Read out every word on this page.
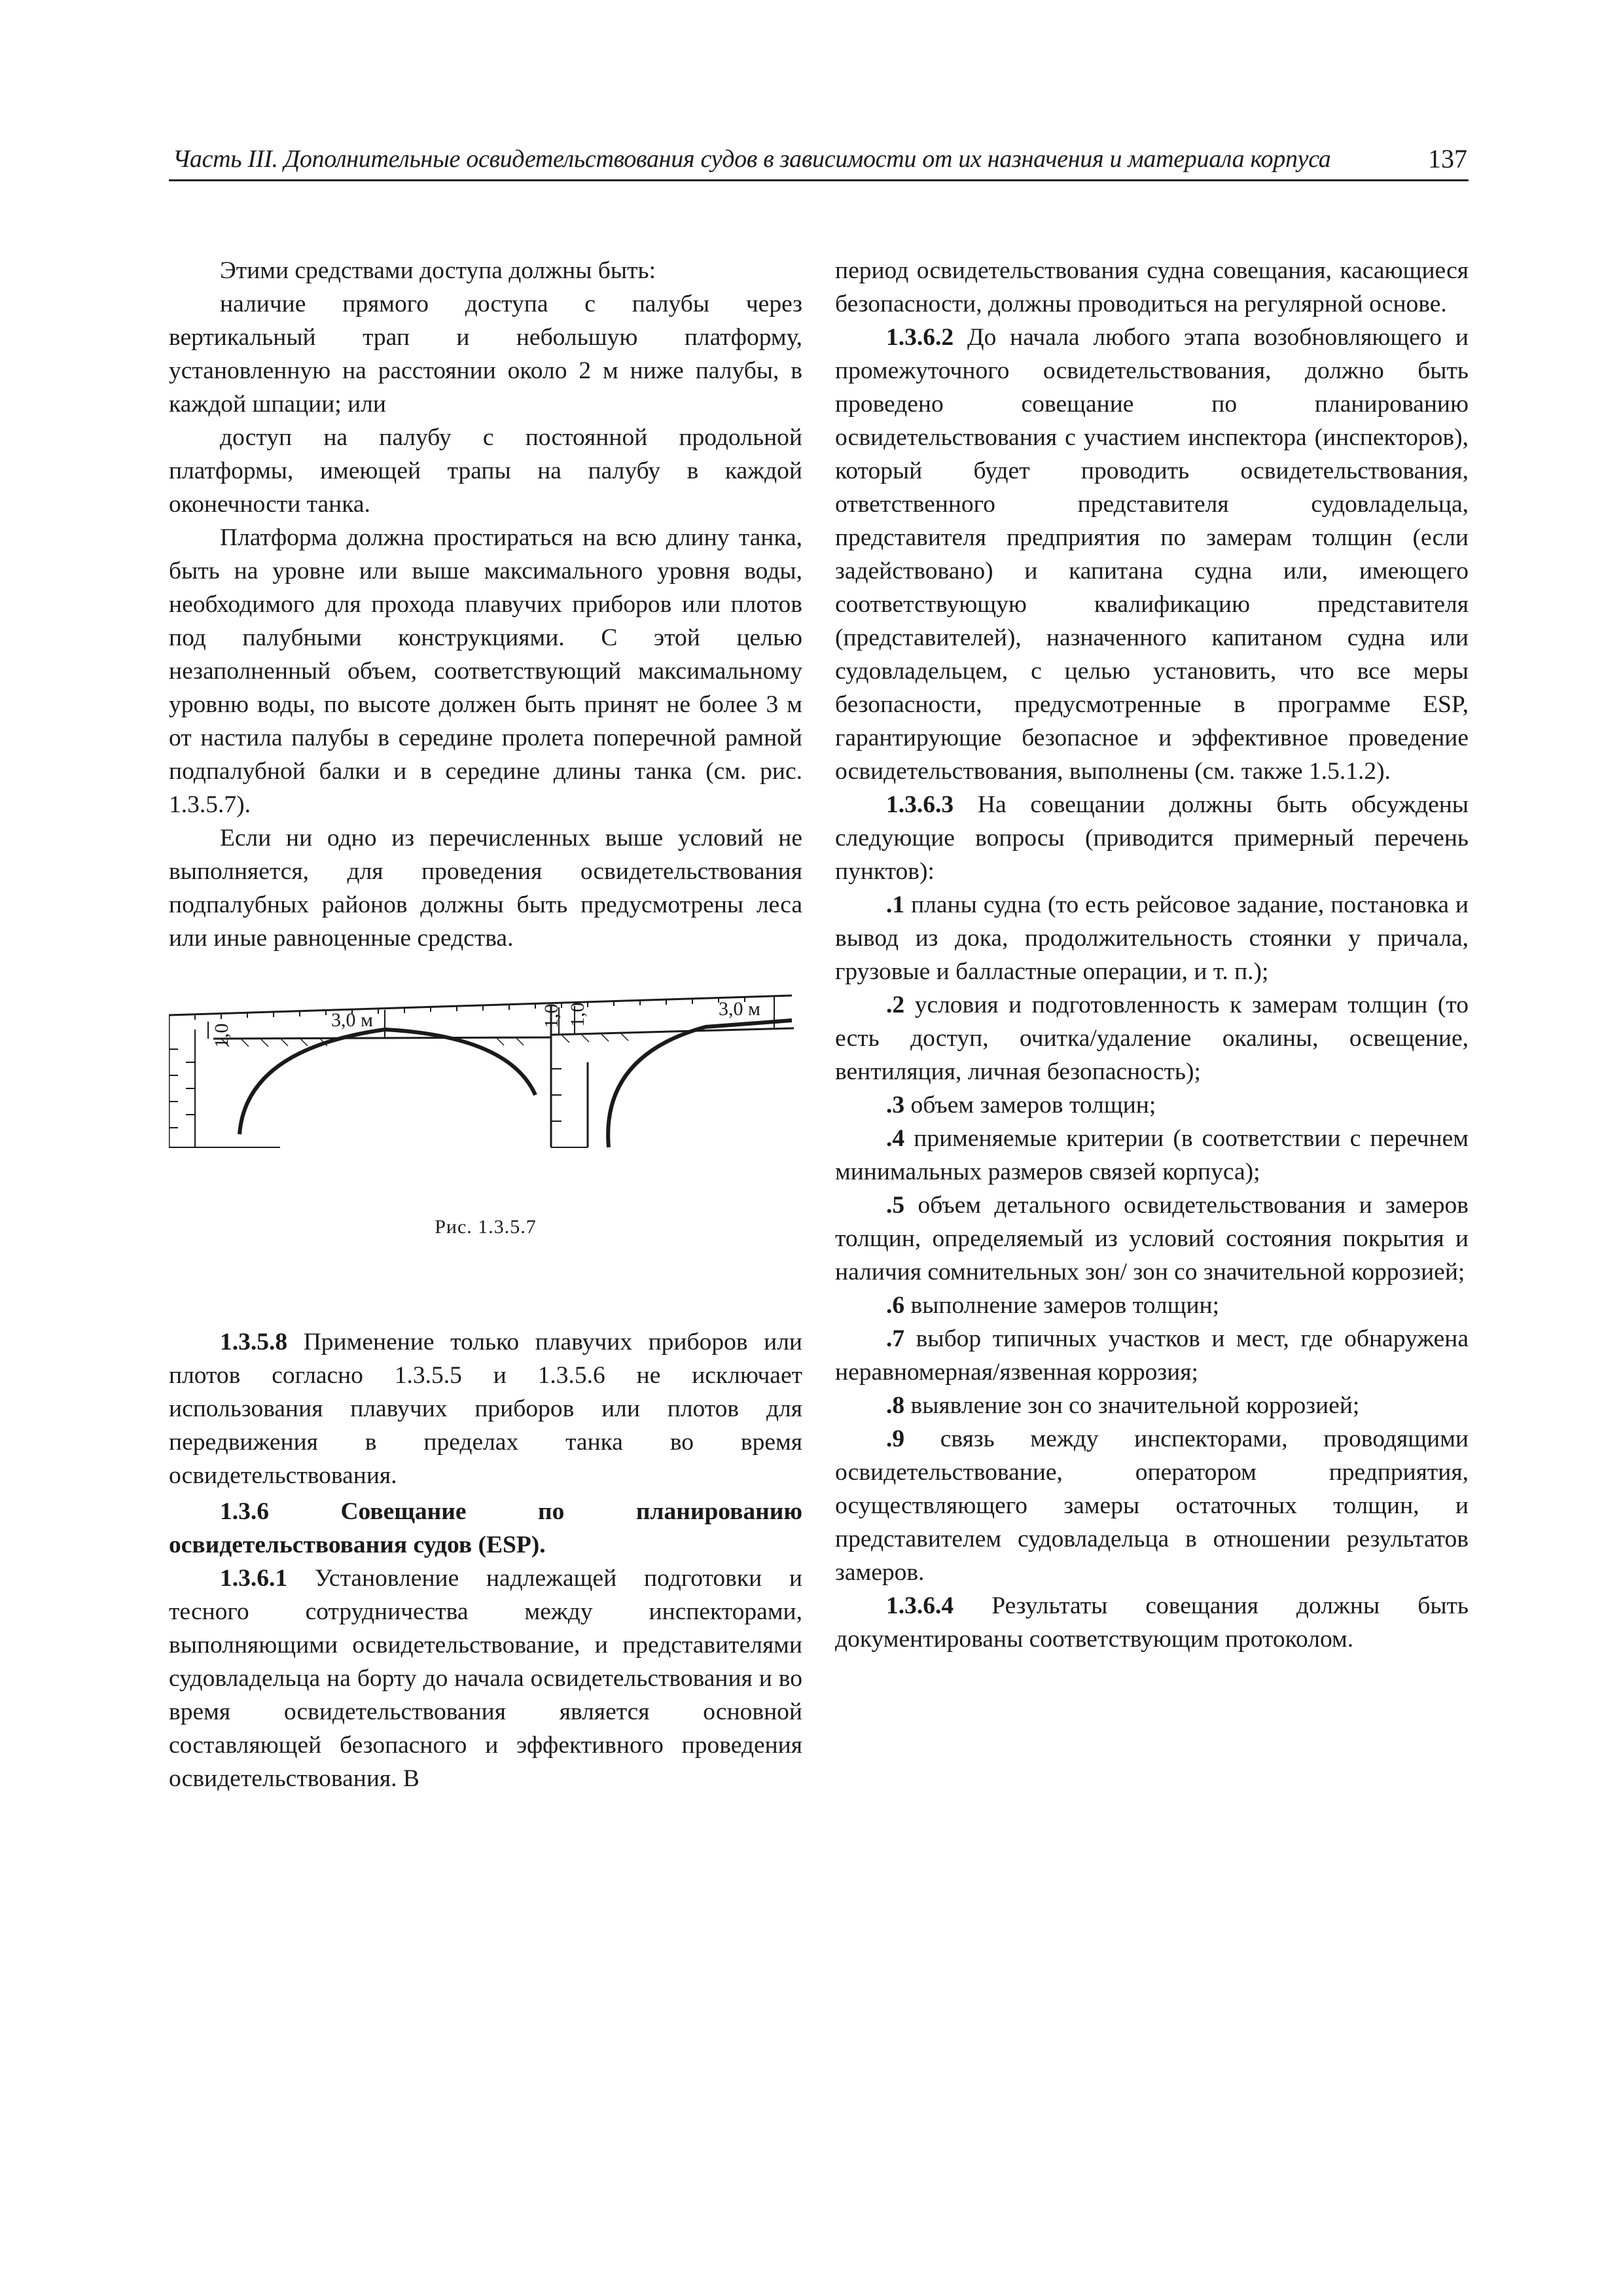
Часть III. Дополнительные освидетельствования судов в зависимости от их назначения и материала корпуса	137

Этими средствами доступа должны быть:

наличие прямого доступа с палубы через вертикальный трап и небольшую платформу, установленную на расстоянии около 2 м ниже палубы, в каждой шпации; или

доступ на палубу с постоянной продольной платформы, имеющей трапы на палубу в каждой оконечности танка.

Платформа должна простираться на всю длину танка, быть на уровне или выше максимального уровня воды, необходимого для прохода плавучих приборов или плотов под палубными конструкциями. С этой целью незаполненный объем, соответствующий максимальному уровню воды, по высоте должен быть принят не более 3 м от настила палубы в середине пролета поперечной рамной подпалубной балки и в середине длины танка (см. рис. 1.3.5.7).

Если ни одно из перечисленных выше условий не выполняется, для проведения освидетельствования подпалубных районов должны быть предусмотрены леса или иные равноценные средства.

3,0 м
3,0 м
1,0
1,0 1,0
Рис. 1.3.5.7

1.3.5.8 Применение только плавучих приборов или плотов согласно 1.3.5.5 и 1.3.5.6 не исключает использования плавучих приборов или плотов для передвижения в пределах танка во время освидетельствования.

1.3.6 Совещание по планированию освидетельствования судов (ESP).

1.3.6.1 Установление надлежащей подготовки и тесного сотрудничества между инспекторами, выполняющими освидетельствование, и представителями судовладельца на борту до начала освидетельствования и во время освидетельствования является основной составляющей безопасного и эффективного проведения освидетельствования. В

период освидетельствования судна совещания, касающиеся безопасности, должны проводиться на регулярной основе.

1.3.6.2 До начала любого этапа возобновляющего и промежуточного освидетельствования, должно быть проведено совещание по планированию освидетельствования с участием инспектора (инспекторов), который будет проводить освидетельствования, ответственного представителя судовладельца, представителя предприятия по замерам толщин (если задействовано) и капитана судна или, имеющего соответствующую квалификацию представителя (представителей), назначенного капитаном судна или судовладельцем, с целью установить, что все меры безопасности, предусмотренные в программе ESP, гарантирующие безопасное и эффективное проведение освидетельствования, выполнены (см. также 1.5.1.2).

1.3.6.3 На совещании должны быть обсуждены следующие вопросы (приводится примерный перечень пунктов):

.1 планы судна (то есть рейсовое задание, постановка и вывод из дока, продолжительность стоянки у причала, грузовые и балластные операции, и т. п.);

.2 условия и подготовленность к замерам толщин (то есть доступ, очитка/удаление окалины, освещение, вентиляция, личная безопасность);

.3 объем замеров толщин;

.4 применяемые критерии (в соответствии с перечнем минимальных размеров связей корпуса);

.5 объем детального освидетельствования и замеров толщин, определяемый из условий состояния покрытия и наличия сомнительных зон/ зон со значительной коррозией;

.6 выполнение замеров толщин;

.7 выбор типичных участков и мест, где обнаружена неравномерная/язвенная коррозия;

.8 выявление зон со значительной коррозией;

.9 связь между инспекторами, проводящими освидетельствование, оператором предприятия, осуществляющего замеры остаточных толщин, и представителем судовладельца в отношении результатов замеров.

1.3.6.4 Результаты совещания должны быть документированы соответствующим протоколом.
